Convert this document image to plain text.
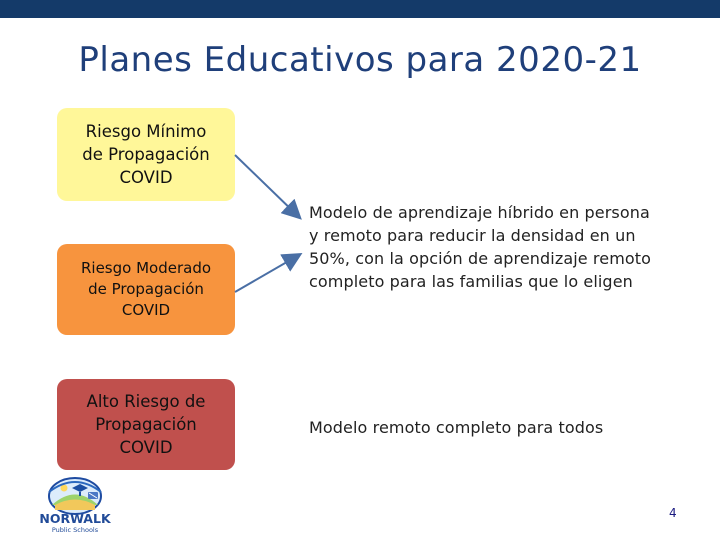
Planes Educativos para 2020-21
Riesgo Mínimo
de Propagación
COVID
Riesgo Moderado
de Propagación
COVID
Alto Riesgo de
Propagación
COVID
Modelo de aprendizaje híbrido en persona
y remoto para reducir la densidad en un
50%, con la opción de aprendizaje remoto
completo para las familias que lo eligen
Modelo remoto completo para todos
NORWALK
Public Schools
4
